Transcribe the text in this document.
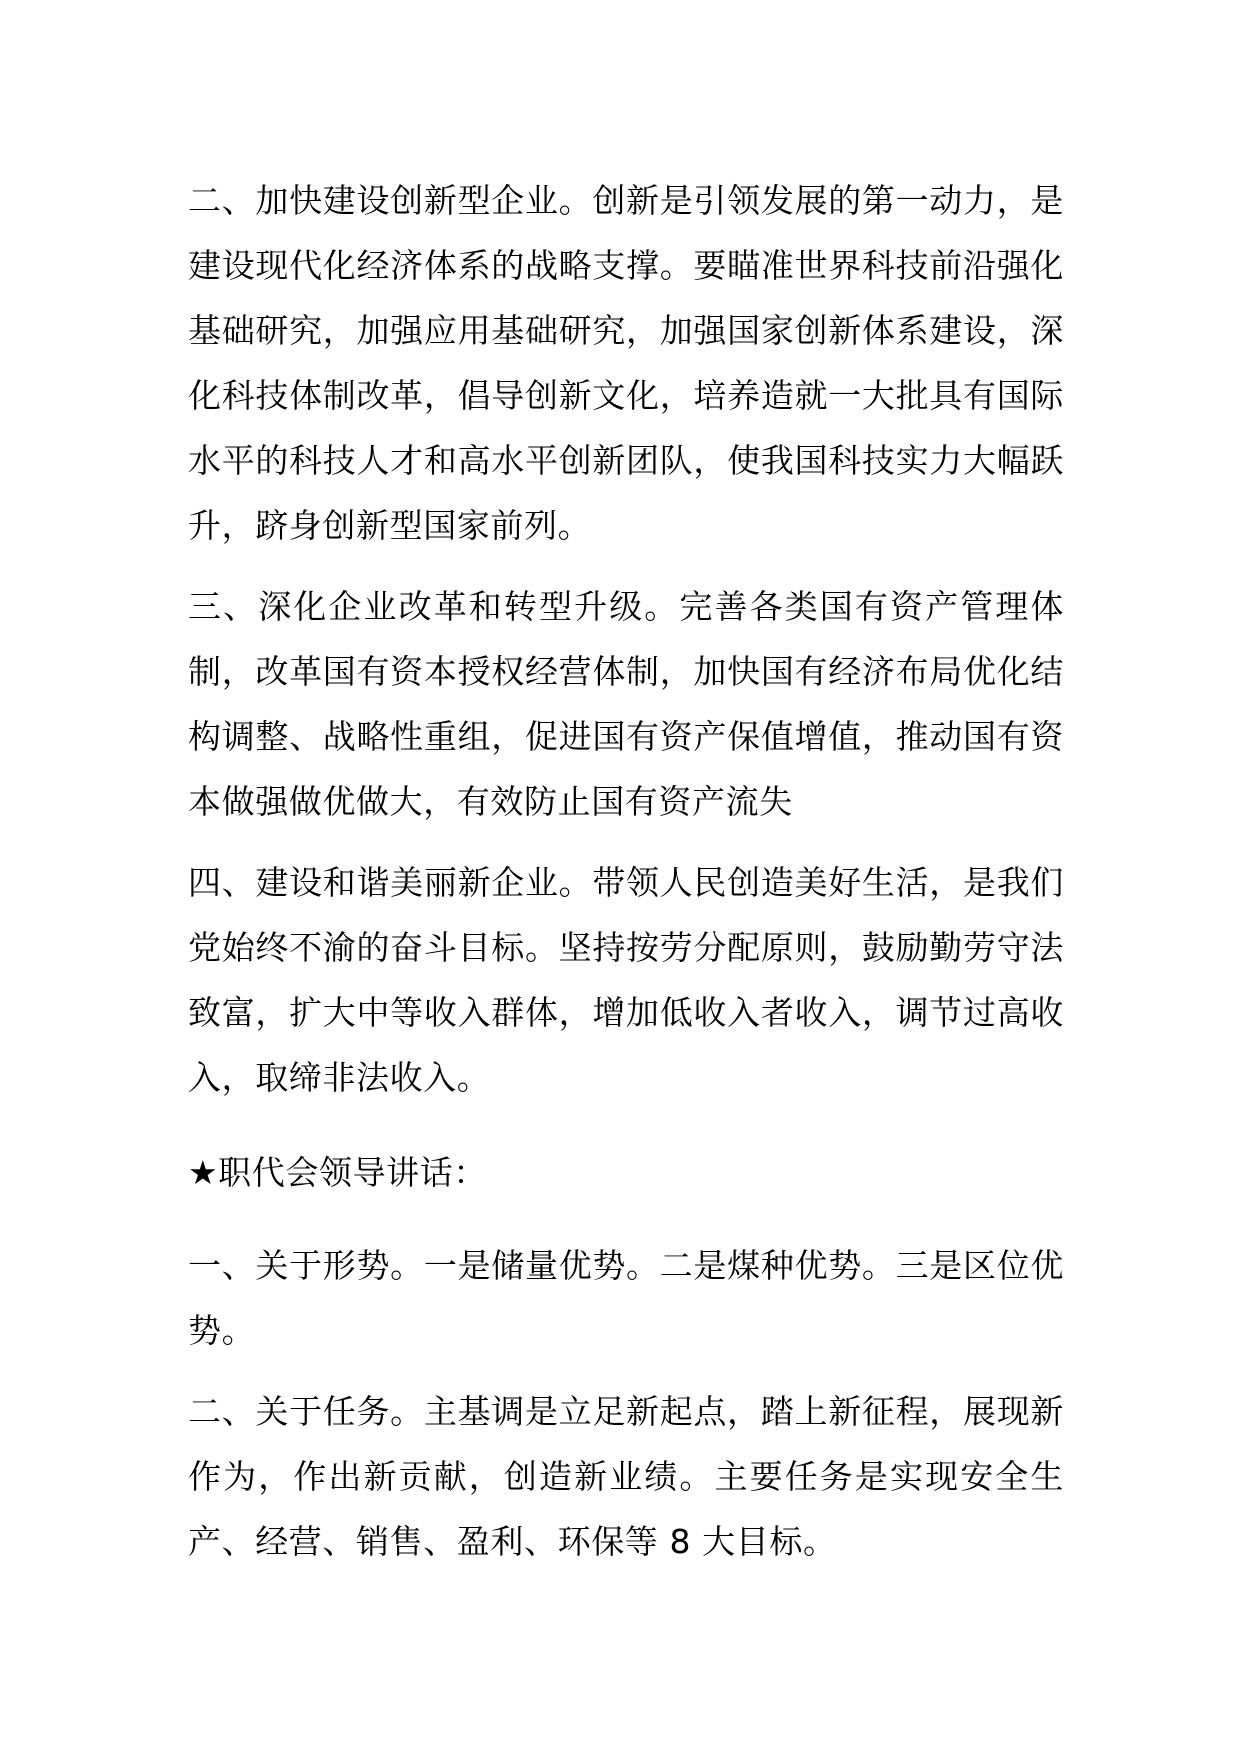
二、加快建设创新型企业。创新是引领发展的第一动力，是建设现代化经济体系的战略支撑。要瞄准世界科技前沿强化基础研究，加强应用基础研究，加强国家创新体系建设，深化科技体制改革，倡导创新文化，培养造就一大批具有国际水平的科技人才和高水平创新团队，使我国科技实力大幅跃升，跻身创新型国家前列。

三、深化企业改革和转型升级。完善各类国有资产管理体制，改革国有资本授权经营体制，加快国有经济布局优化结构调整、战略性重组，促进国有资产保值增值，推动国有资本做强做优做大，有效防止国有资产流失

四、建设和谐美丽新企业。带领人民创造美好生活，是我们党始终不渝的奋斗目标。坚持按劳分配原则，鼓励勤劳守法致富，扩大中等收入群体，增加低收入者收入，调节过高收入，取缔非法收入。

★职代会领导讲话：

一、关于形势。一是储量优势。二是煤种优势。三是区位优势。

二、关于任务。主基调是立足新起点，踏上新征程，展现新作为，作出新贡献，创造新业绩。主要任务是实现安全生产、经营、销售、盈利、环保等 8 大目标。
